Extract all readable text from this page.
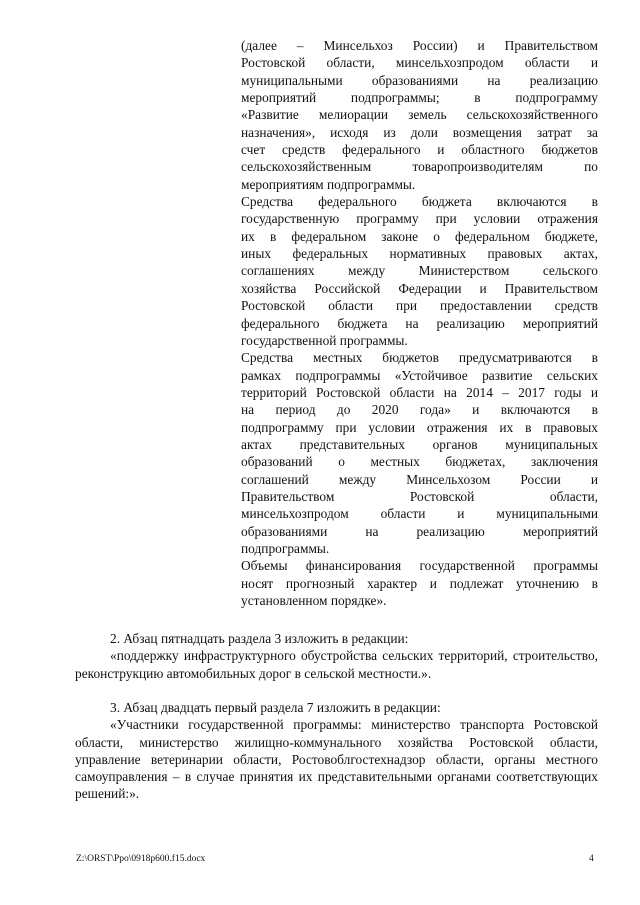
(далее – Минсельхоз России) и Правительством

Ростовской области, минсельхозпродом области и

муниципальными образованиями на реализацию

мероприятий подпрограммы; в подпрограмму

«Развитие мелиорации земель сельскохозяйственного

назначения», исходя из доли возмещения затрат за

счет средств федерального и областного бюджетов

сельскохозяйственным товаропроизводителям по

мероприятиям подпрограммы.

Средства федерального бюджета включаются в

государственную программу при условии отражения

их в федеральном законе о федеральном бюджете,

иных федеральных нормативных правовых актах,

соглашениях между Министерством сельского

хозяйства Российской Федерации и Правительством

Ростовской области при предоставлении средств

федерального бюджета на реализацию мероприятий

государственной программы.

Средства местных бюджетов предусматриваются в

рамках подпрограммы «Устойчивое развитие сельских

территорий Ростовской области на 2014 – 2017 годы и

на период до 2020 года» и включаются в

подпрограмму при условии отражения их в правовых

актах представительных органов муниципальных

образований о местных бюджетах, заключения

соглашений между Минсельхозом России и

Правительством Ростовской области,

минсельхозпродом области и муниципальными

образованиями на реализацию мероприятий

подпрограммы.

Объемы финансирования государственной программы

носят прогнозный характер и подлежат уточнению в

установленном порядке».

2. Абзац пятнадцать раздела 3 изложить в редакции:

«поддержку инфраструктурного обустройства сельских территорий, строительство, реконструкцию автомобильных дорог в сельской местности.».

3. Абзац двадцать первый раздела 7 изложить в редакции:

«Участники государственной программы: министерство транспорта Ростовской области, министерство жилищно-коммунального хозяйства Ростовской области, управление ветеринарии области, Ростовоблгостехнадзор области, органы местного самоуправления – в случае принятия их представительными органами соответствующих решений:».

Z:\ORST\Ppo\0918p600.f15.docx	4
